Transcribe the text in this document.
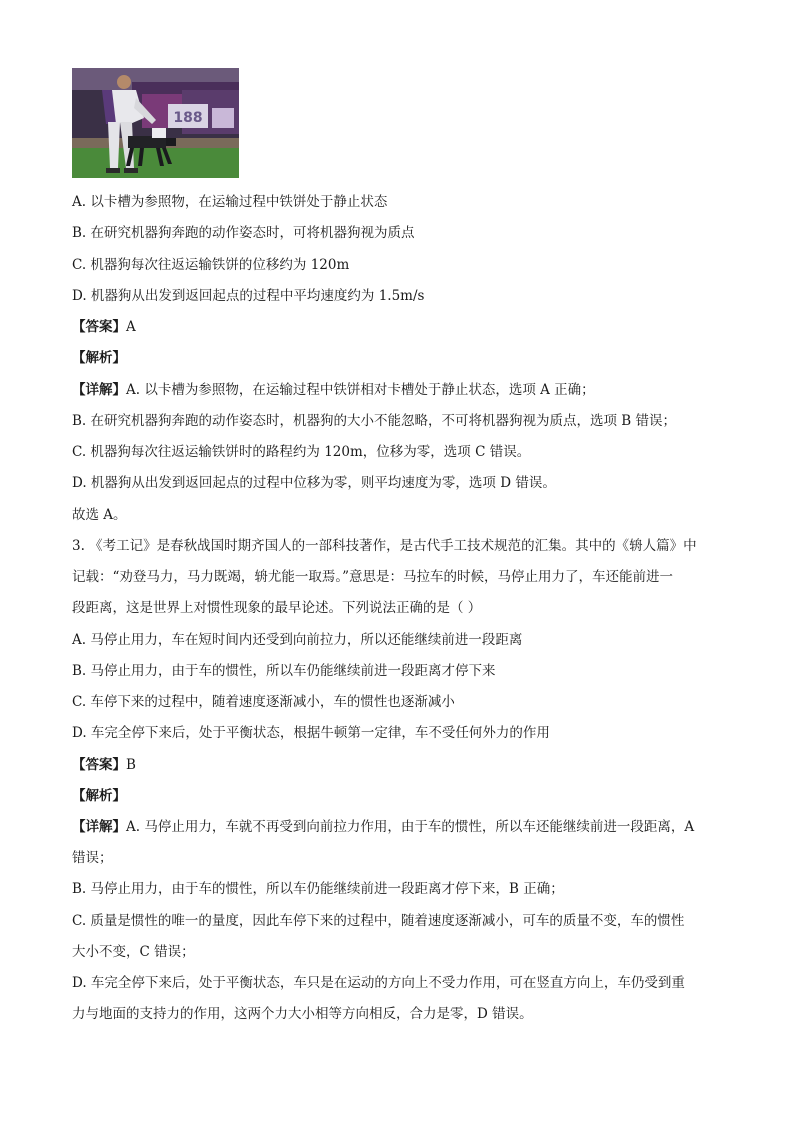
188
A. 以卡槽为参照物，在运输过程中铁饼处于静止状态
B. 在研究机器狗奔跑的动作姿态时，可将机器狗视为质点
C. 机器狗每次往返运输铁饼的位移约为 120m
D. 机器狗从出发到返回起点的过程中平均速度约为 1.5m/s
【答案】A
【解析】
【详解】A. 以卡槽为参照物，在运输过程中铁饼相对卡槽处于静止状态，选项 A 正确；
B. 在研究机器狗奔跑的动作姿态时，机器狗的大小不能忽略，不可将机器狗视为质点，选项 B 错误；
C. 机器狗每次往返运输铁饼时的路程约为 120m，位移为零，选项 C 错误。
D. 机器狗从出发到返回起点的过程中位移为零，则平均速度为零，选项 D 错误。
故选 A。
3. 《考工记》是春秋战国时期齐国人的一部科技著作，是古代手工技术规范的汇集。其中的《辀人篇》中
记载：“劝登马力，马力既竭，辀尤能一取焉。”意思是：马拉车的时候，马停止用力了，车还能前进一
段距离，这是世界上对惯性现象的最早论述。下列说法正确的是（ ）
A. 马停止用力，车在短时间内还受到向前拉力，所以还能继续前进一段距离
B. 马停止用力，由于车的惯性，所以车仍能继续前进一段距离才停下来
C. 车停下来的过程中，随着速度逐渐减小，车的惯性也逐渐减小
D. 车完全停下来后，处于平衡状态，根据牛顿第一定律，车不受任何外力的作用
【答案】B
【解析】
【详解】A. 马停止用力，车就不再受到向前拉力作用，由于车的惯性，所以车还能继续前进一段距离，A
错误；
B. 马停止用力，由于车的惯性，所以车仍能继续前进一段距离才停下来，B 正确；
C. 质量是惯性的唯一的量度，因此车停下来的过程中，随着速度逐渐减小，可车的质量不变，车的惯性
大小不变，C 错误；
D. 车完全停下来后，处于平衡状态，车只是在运动的方向上不受力作用，可在竖直方向上，车仍受到重
力与地面的支持力的作用，这两个力大小相等方向相反，合力是零，D 错误。
